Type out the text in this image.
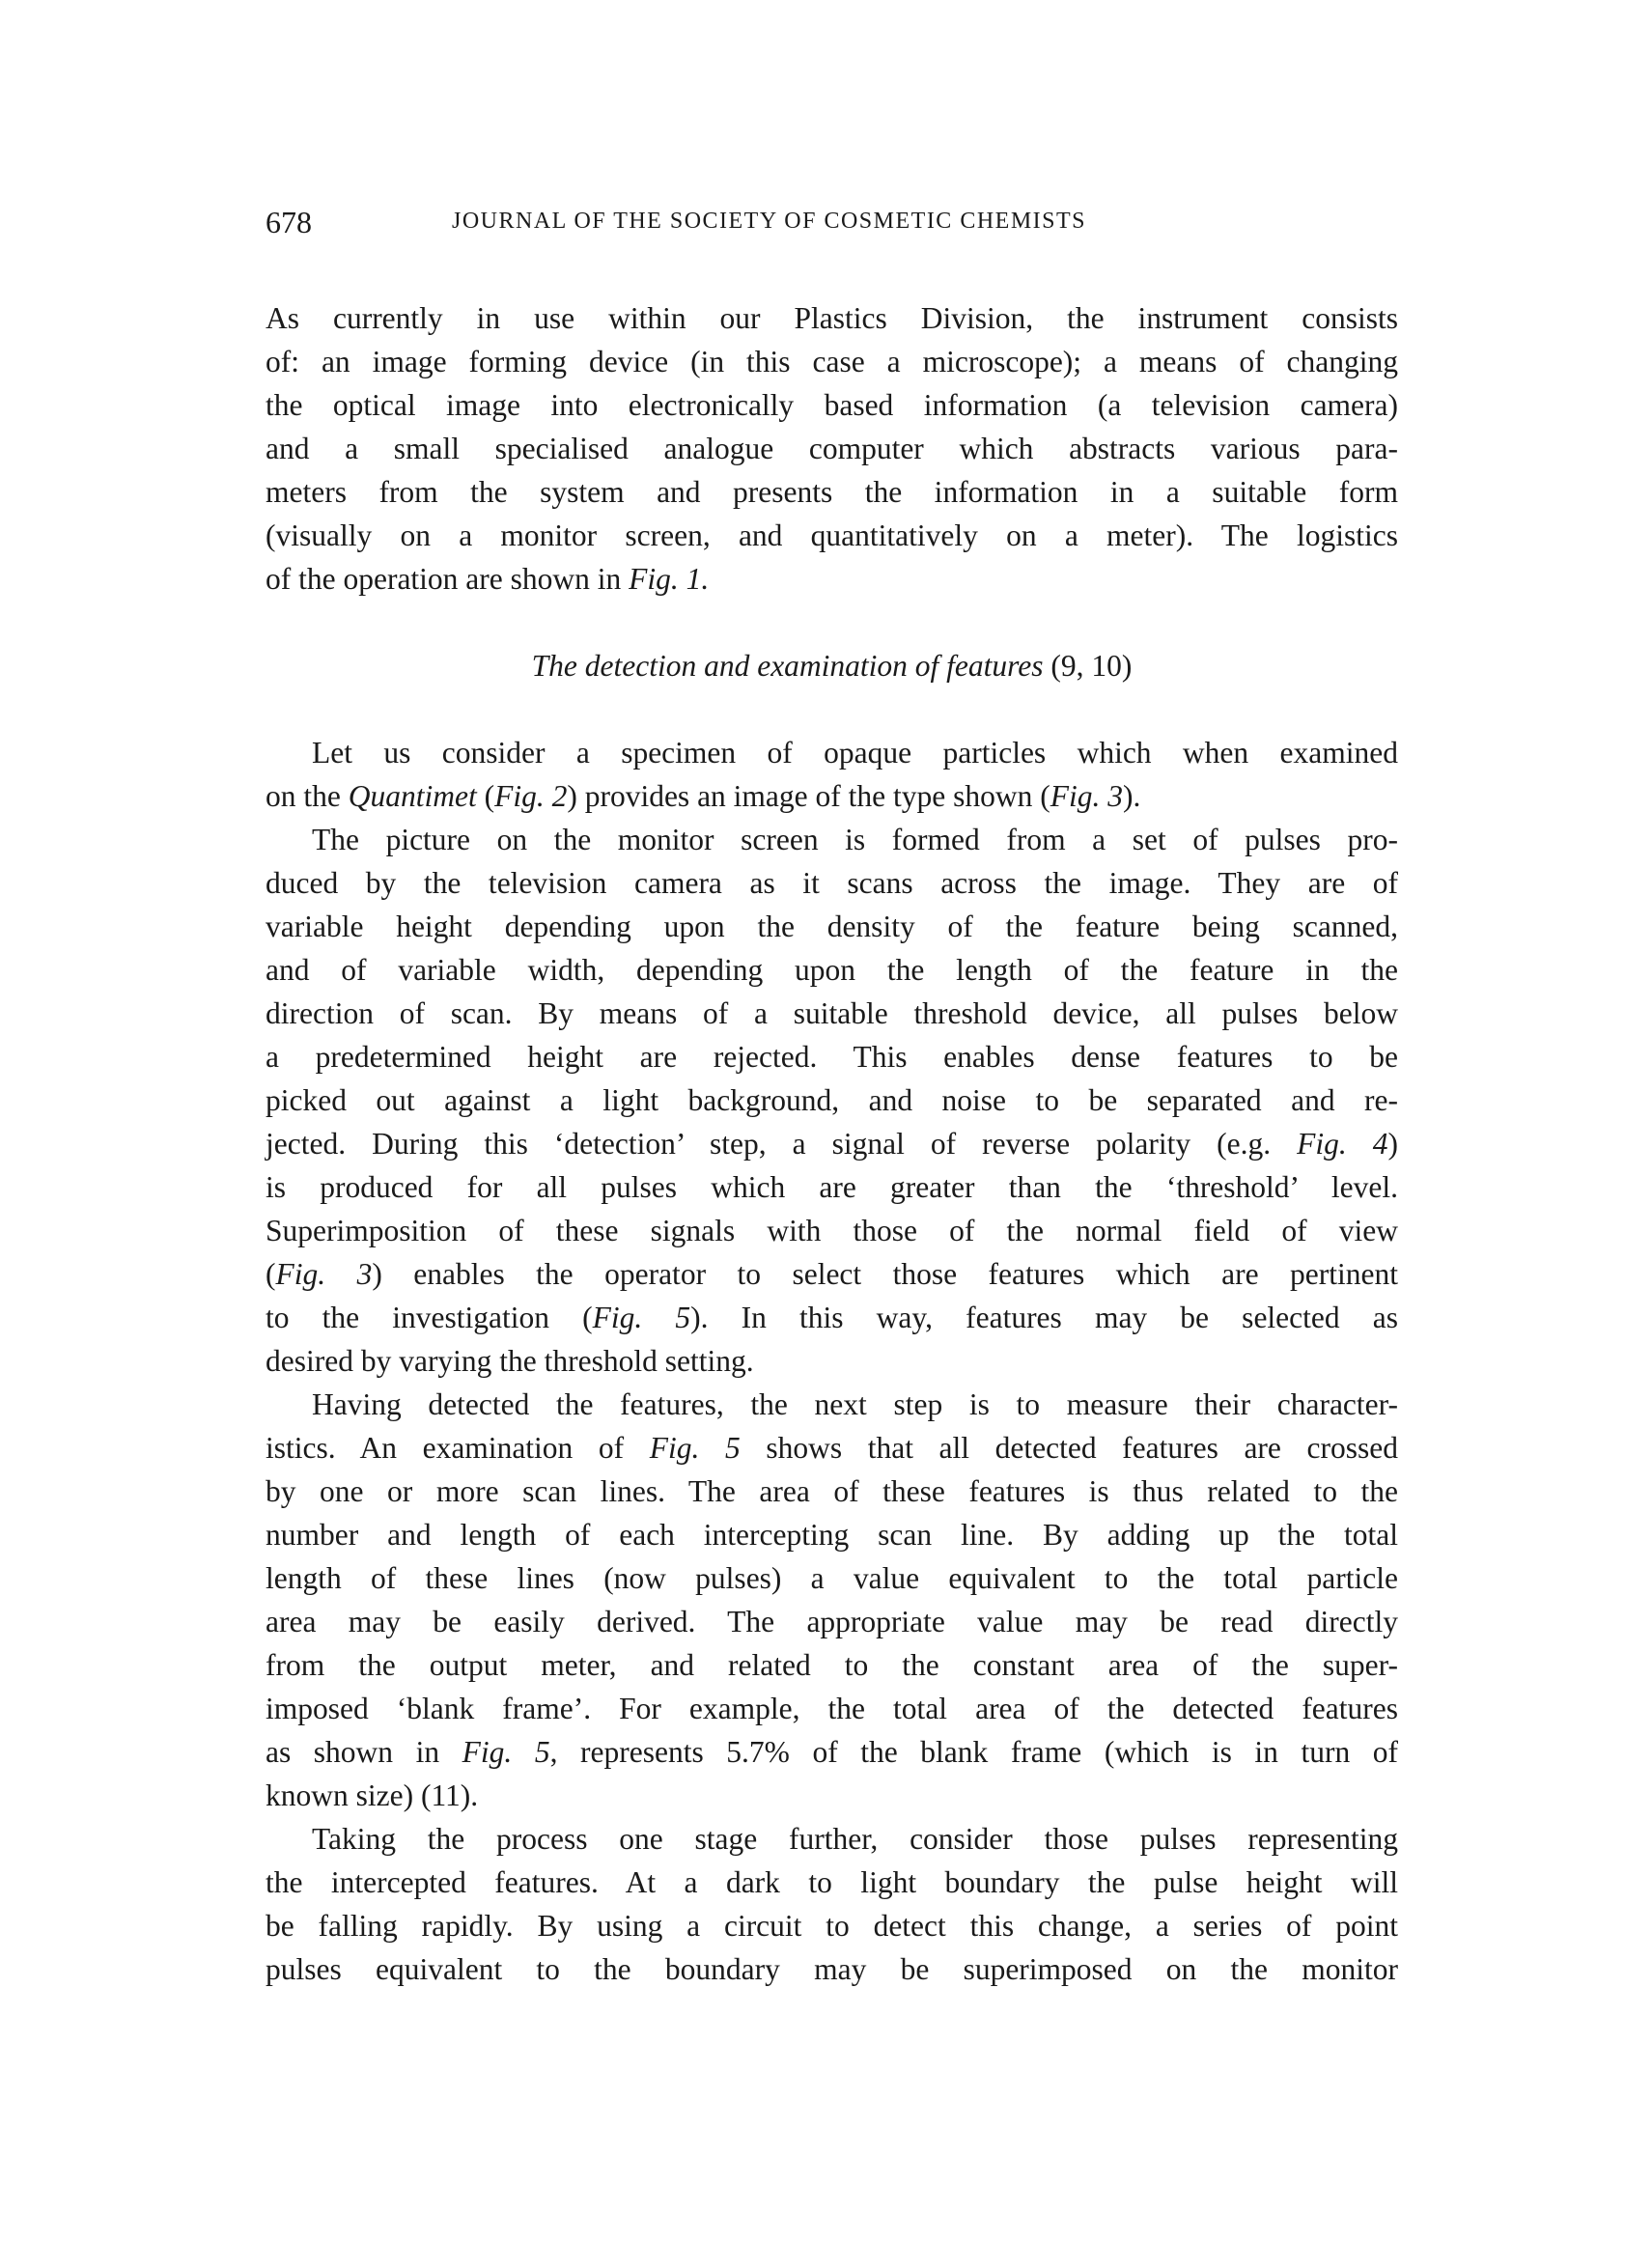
678	JOURNAL OF THE SOCIETY OF COSMETIC CHEMISTS
As currently in use within our Plastics Division, the instrument consists
of: an image forming device (in this case a microscope); a means of changing
the optical image into electronically based information (a television camera)
and a small specialised analogue computer which abstracts various para-
meters from the system and presents the information in a suitable form
(visually on a monitor screen, and quantitatively on a meter). The logistics
of the operation are shown in Fig. 1.
The detection and examination of features (9, 10)
Let us consider a specimen of opaque particles which when examined
on the Quantimet (Fig. 2) provides an image of the type shown (Fig. 3).
The picture on the monitor screen is formed from a set of pulses pro-
duced by the television camera as it scans across the image. They are of
variable height depending upon the density of the feature being scanned,
and of variable width, depending upon the length of the feature in the
direction of scan. By means of a suitable threshold device, all pulses below
a predetermined height are rejected. This enables dense features to be
picked out against a light background, and noise to be separated and re-
jected. During this ‘detection’ step, a signal of reverse polarity (e.g. Fig. 4)
is produced for all pulses which are greater than the ‘threshold’ level.
Superimposition of these signals with those of the normal field of view
(Fig. 3) enables the operator to select those features which are pertinent
to the investigation (Fig. 5). In this way, features may be selected as
desired by varying the threshold setting.
Having detected the features, the next step is to measure their character-
istics. An examination of Fig. 5 shows that all detected features are crossed
by one or more scan lines. The area of these features is thus related to the
number and length of each intercepting scan line. By adding up the total
length of these lines (now pulses) a value equivalent to the total particle
area may be easily derived. The appropriate value may be read directly
from the output meter, and related to the constant area of the super-
imposed ‘blank frame’. For example, the total area of the detected features
as shown in Fig. 5, represents 5.7% of the blank frame (which is in turn of
known size) (11).
Taking the process one stage further, consider those pulses representing
the intercepted features. At a dark to light boundary the pulse height will
be falling rapidly. By using a circuit to detect this change, a series of point
pulses equivalent to the boundary may be superimposed on the monitor
